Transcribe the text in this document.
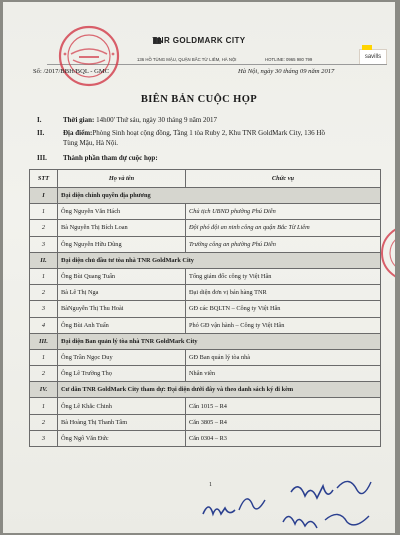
TNR GOLDMARK CITY
136 HỒ TÙNG MẬU, QUẬN BẮC TỪ LIÊM, HÀ NỘI	HOTLINE: 0965 980 799	savills
Số: /2017/BBH/BQL - GMC	Hà Nội, ngày 30 tháng 09 năm 2017
BIÊN BẢN CUỘC HỌP
I.	Thời gian: 14h00' Thứ sáu, ngày 30 tháng 9 năm 2017
II.	Địa điểm:Phòng Sinh hoạt cộng đồng, Tầng 1 tòa Ruby 2, Khu TNR GoldMark City, 136 Hồ
Tùng Mậu, Hà Nội.
III. Thành phần tham dự cuộc họp:
STT	Họ và tên	Chức vụ
I	Đại diện chính quyền địa phương	
1	Ông Nguyễn Văn Hách	Chủ tịch UBND phường Phú Diễn
2	Bà Nguyễn Thị Bích Loan	Đội phó đội an ninh công an quận Bắc Từ Liêm
3	Ông Nguyễn Hữu Dũng	Trưởng công an phường Phú Diễn
II.	Đại diện chủ đầu tư tòa nhà TNR GoldMark City	
1	Ông Bùi Quang Tuấn	Tổng giám đốc công ty Việt Hân
2	Bà Lê Thị Nga	Đại diện đơn vị bán hàng TNR
3	BàNguyễn Thị Thu Hoài	GĐ các BQLTN – Công ty Việt Hân
4	Ông Bùi Anh Tuấn	Phó GĐ vận hành – Công ty Việt Hân
III.	Đại diện Ban quản lý tòa nhà TNR GoldMark City	
1	Ông Trần Ngọc Duy	GĐ Ban quản lý tòa nhà
2	Ông Lê Trường Thọ	Nhân viên
IV.	Cư dân TNR GoldMark City tham dự: Đại diện dưới đây và theo danh sách ký đi kèm	
1	Ông Lê Khắc Chinh	Căn 1015 – R4
2	Bà Hoàng Thị Thanh Tâm	Căn 3805 – R4
3	Ông Ngô Văn Đức	Căn 0304 – R3
1
